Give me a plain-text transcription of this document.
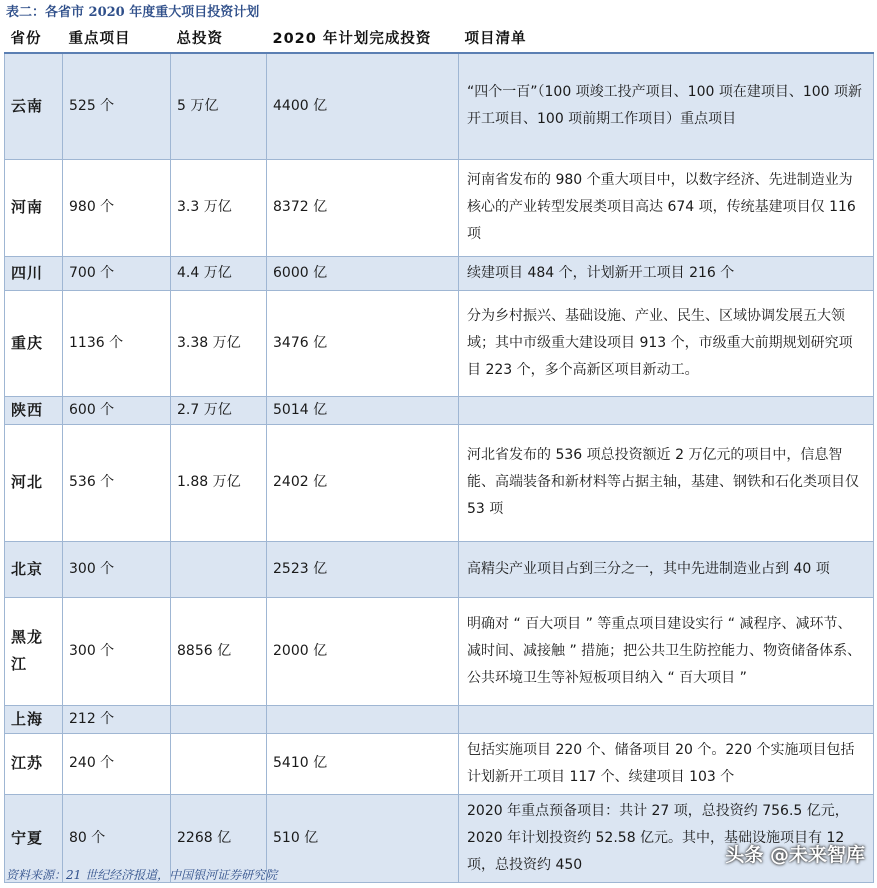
表二：各省市 2020 年度重大项目投资计划
省份	重点项目	总投资	2020 年计划完成投资	项目清单
云南	525 个	5 万亿	4400 亿	“四个一百”（100 项竣工投产项目、100 项在建项目、100 项新开工项目、100 项前期工作项目）重点项目
河南	980 个	3.3 万亿	8372 亿	河南省发布的 980 个重大项目中，以数字经济、先进制造业为核心的产业转型发展类项目高达 674 项，传统基建项目仅 116 项
四川	700 个	4.4 万亿	6000 亿	续建项目 484 个，计划新开工项目 216 个
重庆	1136 个	3.38 万亿	3476 亿	分为乡村振兴、基础设施、产业、民生、区域协调发展五大领域；其中市级重大建设项目 913 个，市级重大前期规划研究项目 223 个，多个高新区项目新动工。
陕西	600 个	2.7 万亿	5014 亿	
河北	536 个	1.88 万亿	2402 亿	河北省发布的 536 项总投资额近 2 万亿元的项目中，信息智能、高端装备和新材料等占据主轴，基建、钢铁和石化类项目仅 53 项
北京	300 个		2523 亿	高精尖产业项目占到三分之一，其中先进制造业占到 40 项
黑龙江	300 个	8856 亿	2000 亿	明确对 “ 百大项目 ” 等重点项目建设实行 “ 减程序、减环节、减时间、减接触 ” 措施；把公共卫生防控能力、物资储备体系、公共环境卫生等补短板项目纳入 “ 百大项目 ”
上海	212 个			
江苏	240 个		5410 亿	包括实施项目 220 个、储备项目 20 个。220 个实施项目包括计划新开工项目 117 个、续建项目 103 个
宁夏	80 个	2268 亿	510 亿	2020 年重点预备项目：共计 27 项，总投资约 756.5 亿元，2020 年计划投资约 52.58 亿元。其中，基础设施项目有 12 项，总投资约 450
资料来源：21 世纪经济报道，中国银河证券研究院
头条 @未来智库
